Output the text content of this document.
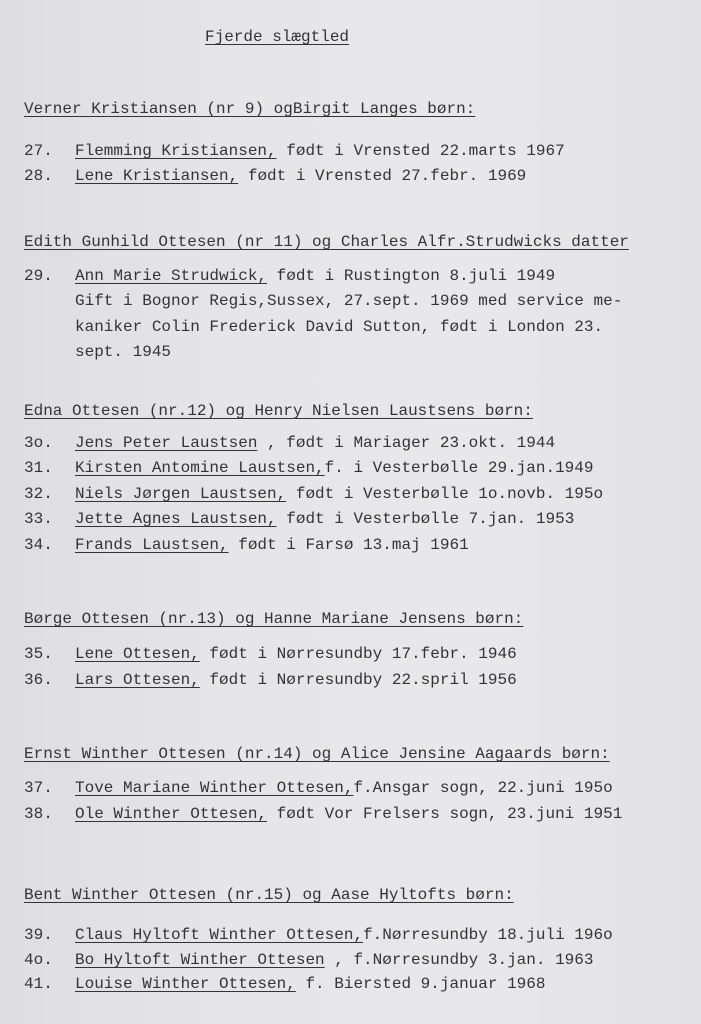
Fjerde slægtled
Verner Kristiansen (nr 9) ogBirgit Langes børn:
27. Flemming Kristiansen, født i Vrensted 22.marts 1967
28. Lene Kristiansen, født i Vrensted 27.febr. 1969
Edith Gunhild Ottesen (nr 11) og Charles Alfr.Strudwicks datter
29. Ann Marie Strudwick, født i Rustington 8.juli 1949
Gift i Bognor Regis,Sussex, 27.sept. 1969 med service me-
kaniker Colin Frederick David Sutton, født i London 23.
sept. 1945
Edna Ottesen (nr.12) og Henry Nielsen Laustsens børn:
3o. Jens Peter Laustsen , født i Mariager 23.okt. 1944
31. Kirsten Antomine Laustsen,f. i Vesterbølle 29.jan.1949
32. Niels Jørgen Laustsen, født i Vesterbølle 1o.novb. 195o
33. Jette Agnes Laustsen, født i Vesterbølle 7.jan. 1953
34. Frands Laustsen, født i Farsø 13.maj 1961
Børge Ottesen (nr.13) og Hanne Mariane Jensens børn:
35. Lene Ottesen, født i Nørresundby 17.febr. 1946
36. Lars Ottesen, født i Nørresundby 22.spril 1956
Ernst Winther Ottesen (nr.14) og Alice Jensine Aagaards børn:
37. Tove Mariane Winther Ottesen,f.Ansgar sogn, 22.juni 195o
38. Ole Winther Ottesen, født Vor Frelsers sogn, 23.juni 1951
Bent Winther Ottesen (nr.15) og Aase Hyltofts børn:
39. Claus Hyltoft Winther Ottesen,f.Nørresundby 18.juli 196o
4o. Bo Hyltoft Winther Ottesen , f.Nørresundby 3.jan. 1963
41. Louise Winther Ottesen, f. Biersted 9.januar 1968
